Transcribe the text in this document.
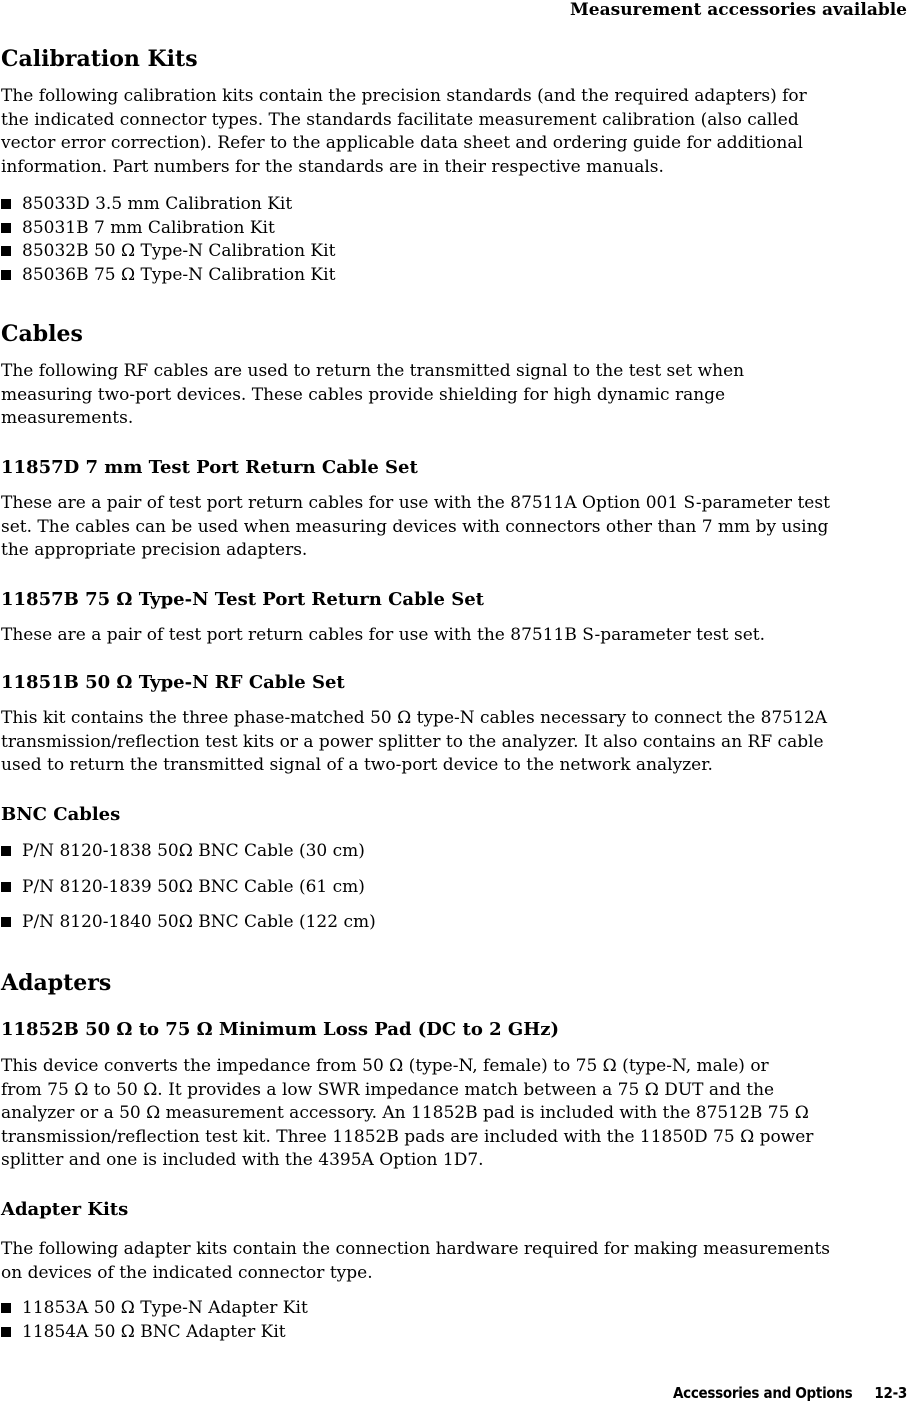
Measurement accessories available

Calibration Kits

The following calibration kits contain the precision standards (and the required adapters) for
the indicated connector types. The standards facilitate measurement calibration (also called
vector error correction). Refer to the applicable data sheet and ordering guide for additional
information. Part numbers for the standards are in their respective manuals.

85033D 3.5 mm Calibration Kit
85031B 7 mm Calibration Kit
85032B 50 Ω Type-N Calibration Kit
85036B 75 Ω Type-N Calibration Kit
Cables

The following RF cables are used to return the transmitted signal to the test set when
measuring two-port devices. These cables provide shielding for high dynamic range
measurements.

11857D 7 mm Test Port Return Cable Set

These are a pair of test port return cables for use with the 87511A Option 001 S-parameter test
set. The cables can be used when measuring devices with connectors other than 7 mm by using
the appropriate precision adapters.

11857B 75 Ω Type-N Test Port Return Cable Set

These are a pair of test port return cables for use with the 87511B S-parameter test set.

11851B 50 Ω Type-N RF Cable Set

This kit contains the three phase-matched 50 Ω type-N cables necessary to connect the 87512A
transmission/reflection test kits or a power splitter to the analyzer. It also contains an RF cable
used to return the transmitted signal of a two-port device to the network analyzer.

BNC Cables
P/N 8120-1838 50Ω BNC Cable (30 cm)
P/N 8120-1839 50Ω BNC Cable (61 cm)
P/N 8120-1840 50Ω BNC Cable (122 cm)
Adapters
11852B 50 Ω to 75 Ω Minimum Loss Pad (DC to 2 GHz)

This device converts the impedance from 50 Ω (type-N, female) to 75 Ω (type-N, male) or
from 75 Ω to 50 Ω. It provides a low SWR impedance match between a 75 Ω DUT and the
analyzer or a 50 Ω measurement accessory. An 11852B pad is included with the 87512B 75 Ω
transmission/reflection test kit. Three 11852B pads are included with the 11850D 75 Ω power
splitter and one is included with the 4395A Option 1D7.

Adapter Kits

The following adapter kits contain the connection hardware required for making measurements
on devices of the indicated connector type.

11853A 50 Ω Type-N Adapter Kit
11854A 50 Ω BNC Adapter Kit
Accessories and Options 12-3
